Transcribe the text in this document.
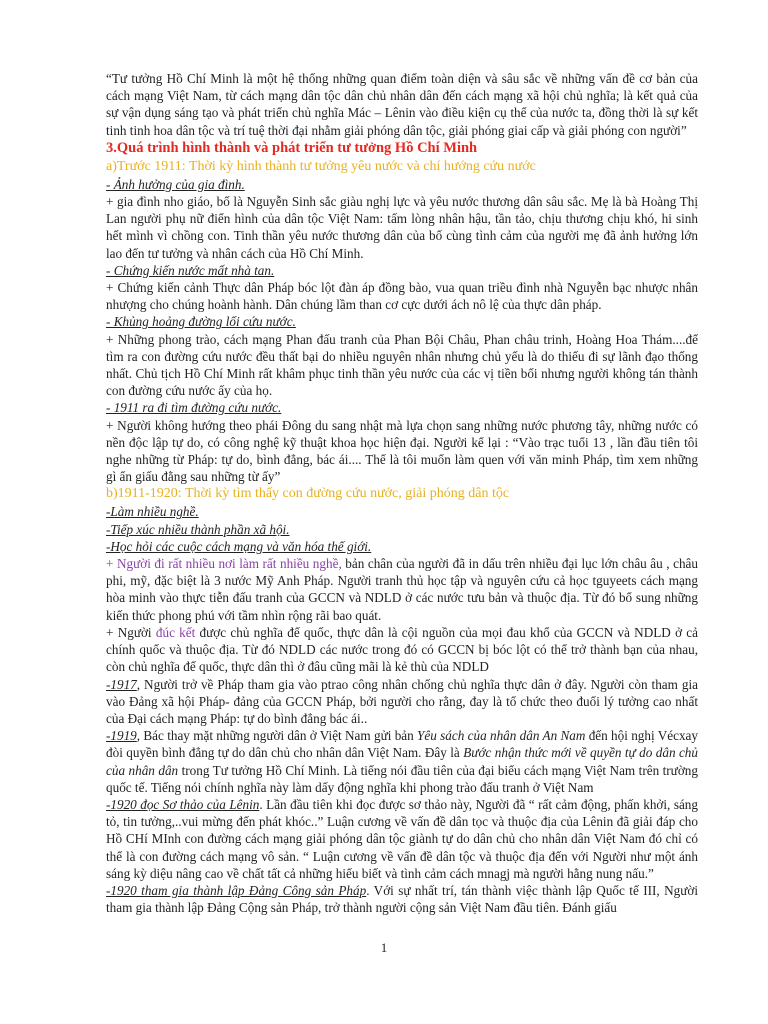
“Tư tưởng Hồ Chí Minh là một hệ thống những quan điểm toàn diện và sâu sắc về những vấn đề cơ bản của cách mạng Việt Nam, từ cách mạng dân tộc dân chủ nhân dân đến cách mạng xã hội chủ nghĩa; là kết quả của sự vận dụng sáng tạo và phát triển chủ nghĩa Mác – Lênin vào điều kiện cụ thể của nước ta, đồng thời là sự kết tinh tinh hoa dân tộc và trí tuệ thời đại nhằm giải phóng dân tộc, giải phóng giai cấp và giải phóng con người”

3.Quá trình hình thành và phát triển tư tưởng Hồ Chí Minh

a)Trước 1911: Thời kỳ hình thành tư tưởng yêu nước và chí hướng cứu nước

- Ảnh hưởng của gia đình.

+ gia đình nho giáo, bố là Nguyễn Sinh sắc giàu nghị lực và yêu nước thương dân sâu sắc. Mẹ là bà Hoàng Thị Lan người phụ nữ điển hình của dân tộc Việt Nam: tấm lòng nhân hậu, tần tảo, chịu thương chịu khó, hi sinh hết mình vì chồng con. Tinh thần yêu nước thương dân của bố cùng tình cảm của người mẹ đã ảnh hưởng lớn lao đến tư tưởng và nhân cách của Hồ Chí Minh.

- Chứng kiến nước mất nhà tan.

+ Chứng kiến cảnh Thực dân Pháp bóc lột đàn áp đồng bào, vua quan triều đình nhà Nguyễn bạc nhược nhân nhượng cho chúng hoành hành. Dân chúng lầm than cơ cực dưới ách nô lệ của thực dân pháp.

- Khủng hoảng đường lối cứu nước.

+ Những phong trào, cách mạng Phan đấu tranh của Phan Bội Châu, Phan châu trinh, Hoàng Hoa Thám....để tìm ra con đường cứu nước đều thất bại do nhiều nguyên nhân nhưng chủ yếu là do thiếu đi sự lãnh đạo thống nhất. Chủ tịch Hồ Chí Minh rất khâm phục tinh thần yêu nước của các vị tiền bối nhưng người không tán thành con đường cứu nước ấy của họ.

- 1911 ra đi tìm đường cứu nước.

+ Người không hướng theo phái Đông du sang nhật mà lựa chọn sang những nước phương tây, những nước có nền độc lập tự do, có công nghệ kỹ thuật khoa học hiện đại. Người kể lại : “Vào trạc tuổi 13 , lần đầu tiên tôi nghe những từ Pháp: tự do, bình đẳng, bác ái.... Thế là tôi muốn làm quen với văn minh Pháp, tìm xem những gì ẩn giấu đằng sau những từ ấy”

b)1911-1920: Thời kỳ tìm thấy con đường cứu nước, giải phóng dân tộc

-Làm nhiều nghề.

-Tiếp xúc nhiều thành phần xã hội.

-Học hỏi các cuộc cách mạng và văn hóa thế giới.

+ Người đi rất nhiều nơi làm rất nhiều nghề, bản chân của người đã in dấu trên nhiều đại lục lớn châu âu , châu phi, mỹ, đặc biệt là 3 nước Mỹ Anh Pháp. Người tranh thủ học tập và nguyên cứu cả học tguyeets cách mạng hòa minh vào thực tiễn đấu tranh của GCCN và NDLD ở các nước tưu bản và thuộc địa. Từ đó bổ sung những kiến thức phong phú với tầm nhìn rộng rãi bao quát.

+ Người đúc kết được chủ nghĩa đế quốc, thực dân là cội nguồn của mọi đau khổ của GCCN và NDLD ở cả chính quốc và thuộc địa. Từ đó NDLD các nước trong đó có GCCN bị bóc lột có thể trở thành bạn của nhau, còn chủ nghĩa đế quốc, thực dân thì ở đâu cũng mãi là kẻ thù của NDLD

-1917, Người trở về Pháp tham gia vào ptrao công nhân chống chủ nghĩa thực dân ở đây. Người còn tham gia vào Đảng xã hội Pháp- đảng của GCCN Pháp, bởi người cho rằng, đay là tổ chức theo đuổi lý tưởng cao nhất của Đại cách mạng Pháp: tự do bình đẳng bác ái..

-1919, Bác thay mặt những người dân ở Việt Nam gửi bản Yêu sách của nhân dân An Nam đến hội nghị Vécxay đòi quyền bình đẳng tự do dân chủ cho nhân dân Việt Nam. Đây là Bước nhận thức mới về quyền tự do dân chủ của nhân dân trong Tư tưởng Hồ Chí Minh. Là tiếng nói đầu tiên của đại biểu cách mạng Việt Nam trên trường quốc tế. Tiếng nói chính nghĩa này làm dấy động nghĩa khi phong trào đấu tranh ở Việt Nam

-1920 đọc Sơ thảo của Lênin. Lần đầu tiên khi đọc được sơ thảo này, Người đã “ rất cảm động, phấn khởi, sáng tỏ, tin tưởng,..vui mừng đến phát khóc..” Luận cương về vấn đề dân tọc và thuộc địa của Lênin đã giải đáp cho Hồ CHí MInh con đường cách mạng giải phóng dân tộc giành tự do dân chủ cho nhân dân Việt Nam đó chỉ có thể là con đường cách mạng vô sản. “ Luận cương về vấn đề dân tộc và thuộc địa đến với Người như một ánh sáng kỳ diệu nâng cao về chất tất cả những hiểu biết và tình cảm cách mnagj mà người hằng nung nấu.”

-1920 tham gia thành lập Đảng Công sản Pháp. Với sự nhất trí, tán thành việc thành lập Quốc tế III, Người tham gia thành lập Đảng Cộng sản Pháp, trở thành người cộng sản Việt Nam đầu tiên. Đánh giấu

1
